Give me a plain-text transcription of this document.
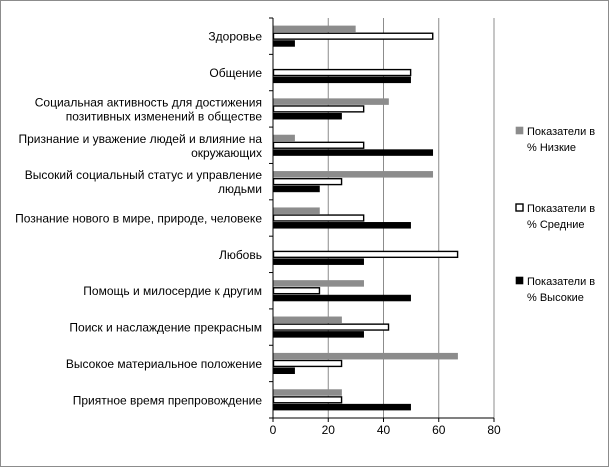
0	20	40	60	80
Приятное время препровождение
Высокое материальное положение
Поиск и наслаждение прекрасным
Помощь и милосердие к другим
Любовь
Познание нового в мире, природе, человеке
Высокий социальный статус и управление
людьми
Признание и уважение людей и влияние на
окружающих
Социальная активность для достижения
позитивных изменений в обществе
Общение
Здоровье
Показатели в
% Низкие
Показатели в
% Средние
Показатели в
% Высокие
